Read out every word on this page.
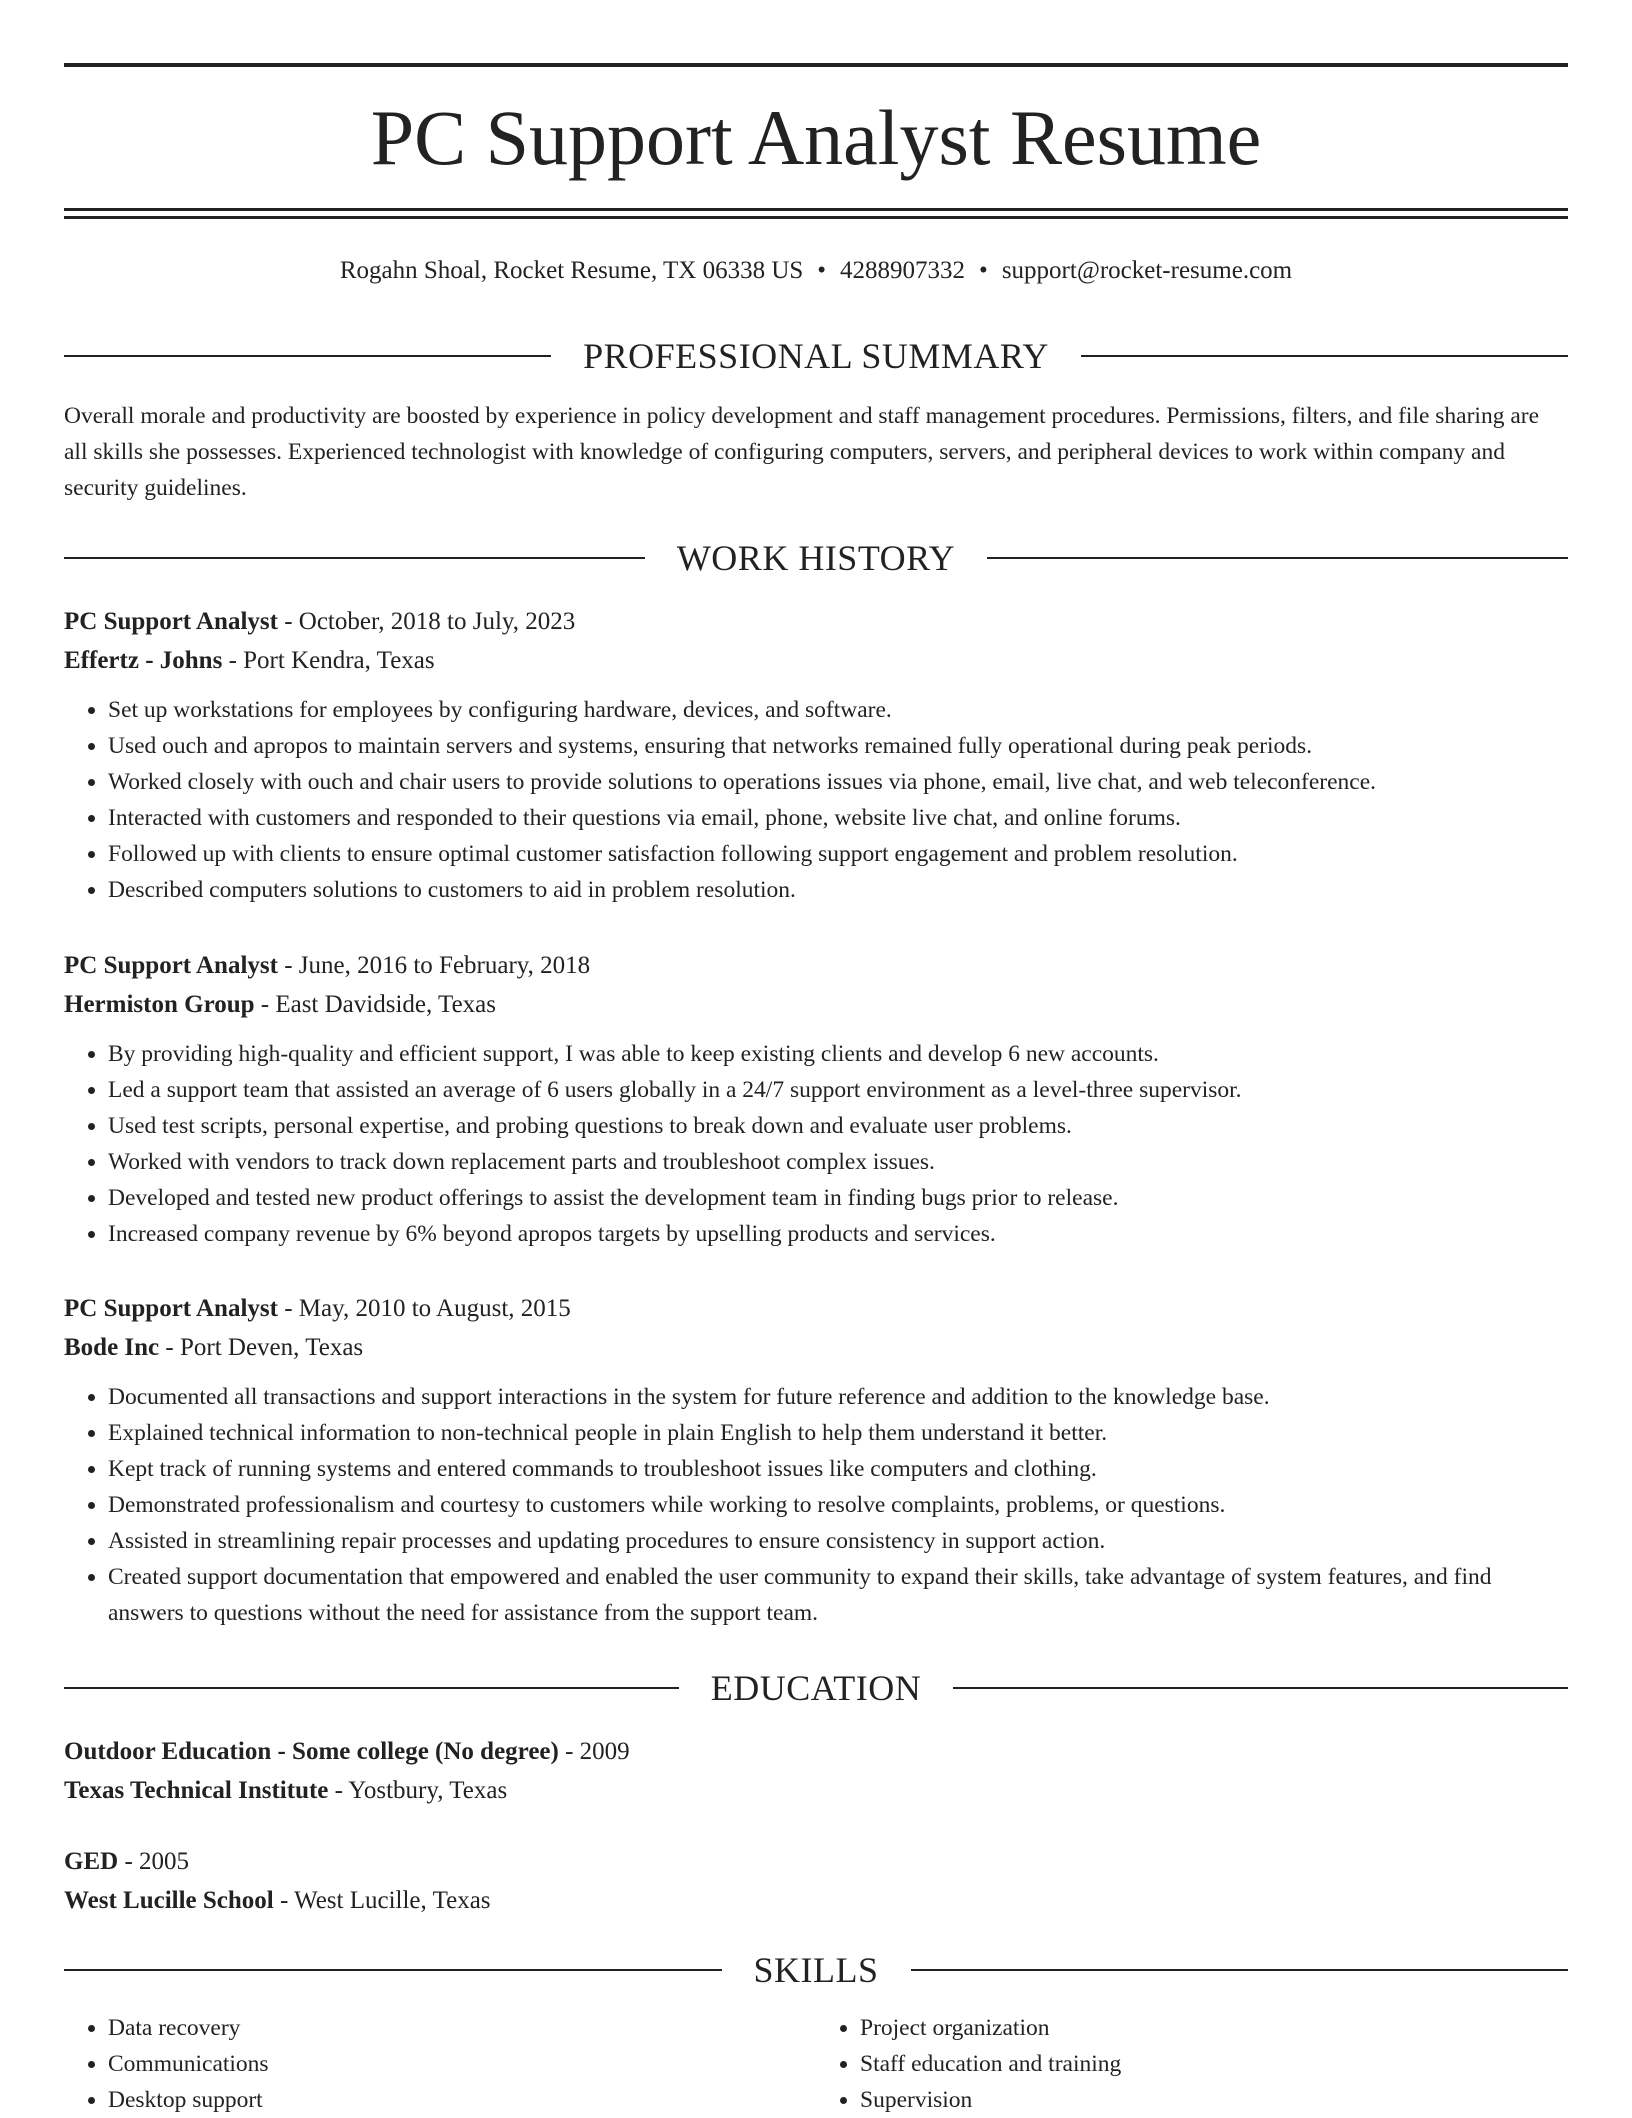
PC Support Analyst Resume
Rogahn Shoal, Rocket Resume, TX 06338 US • 4288907332 • support@rocket-resume.com
PROFESSIONAL SUMMARY

Overall morale and productivity are boosted by experience in policy development and staff management procedures. Permissions, filters, and file sharing are all skills she possesses. Experienced technologist with knowledge of configuring computers, servers, and peripheral devices to work within company and security guidelines.

WORK HISTORY

PC Support Analyst - October, 2018 to July, 2023

Effertz - Johns - Port Kendra, Texas

• Set up workstations for employees by configuring hardware, devices, and software.
• Used ouch and apropos to maintain servers and systems, ensuring that networks remained fully operational during peak periods.
• Worked closely with ouch and chair users to provide solutions to operations issues via phone, email, live chat, and web teleconference.
• Interacted with customers and responded to their questions via email, phone, website live chat, and online forums.
• Followed up with clients to ensure optimal customer satisfaction following support engagement and problem resolution.
• Described computers solutions to customers to aid in problem resolution.

PC Support Analyst - June, 2016 to February, 2018

Hermiston Group - East Davidside, Texas

• By providing high-quality and efficient support, I was able to keep existing clients and develop 6 new accounts.
• Led a support team that assisted an average of 6 users globally in a 24/7 support environment as a level-three supervisor.
• Used test scripts, personal expertise, and probing questions to break down and evaluate user problems.
• Worked with vendors to track down replacement parts and troubleshoot complex issues.
• Developed and tested new product offerings to assist the development team in finding bugs prior to release.
• Increased company revenue by 6% beyond apropos targets by upselling products and services.

PC Support Analyst - May, 2010 to August, 2015

Bode Inc - Port Deven, Texas

• Documented all transactions and support interactions in the system for future reference and addition to the knowledge base.
• Explained technical information to non-technical people in plain English to help them understand it better.
• Kept track of running systems and entered commands to troubleshoot issues like computers and clothing.
• Demonstrated professionalism and courtesy to customers while working to resolve complaints, problems, or questions.
• Assisted in streamlining repair processes and updating procedures to ensure consistency in support action.
• Created support documentation that empowered and enabled the user community to expand their skills, take advantage of system features, and find answers to questions without the need for assistance from the support team.
EDUCATION

Outdoor Education - Some college (No degree) - 2009

Texas Technical Institute - Yostbury, Texas

GED - 2005

West Lucille School - West Lucille, Texas

SKILLS
• Data recovery
• Communications
• Desktop support
• Project organization
• Staff education and training
• Supervision
